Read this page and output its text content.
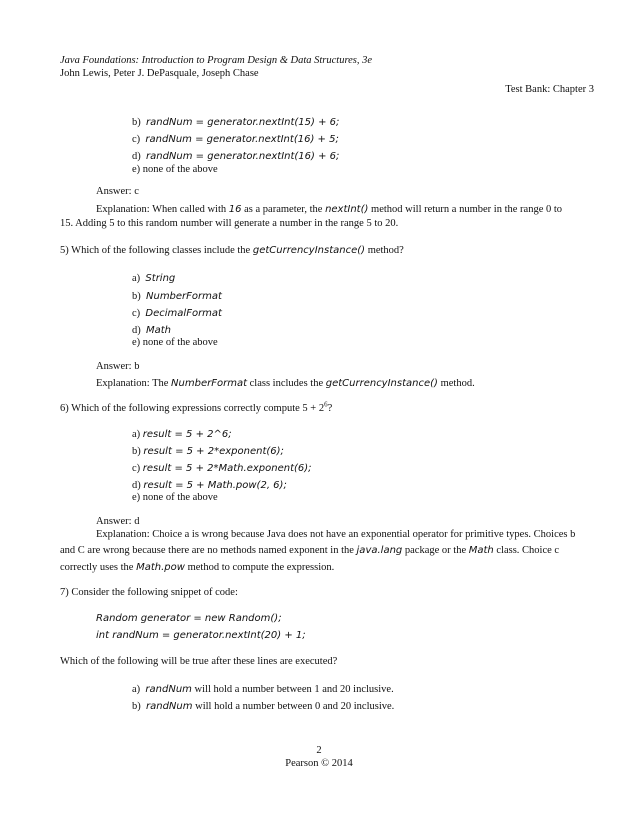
Java Foundations: Introduction to Program Design & Data Structures, 3e
John Lewis, Peter J. DePasquale, Joseph Chase
Test Bank: Chapter 3
b) randNum = generator.nextInt(15) + 6;
c) randNum = generator.nextInt(16) + 5;
d) randNum = generator.nextInt(16) + 6;
e) none of the above
Answer: c
Explanation: When called with 16 as a parameter, the nextInt() method will return a number in the range 0 to
15. Adding 5 to this random number will generate a number in the range 5 to 20.
5) Which of the following classes include the getCurrencyInstance() method?
a) String
b) NumberFormat
c) DecimalFormat
d) Math
e) none of the above
Answer: b
Explanation: The NumberFormat class includes the getCurrencyInstance() method.
6) Which of the following expressions correctly compute $5 + 2^6$?
a) result = 5 + 2^6;
b) result = 5 + 2*exponent(6);
c) result = 5 + 2*Math.exponent(6);
d) result = 5 + Math.pow(2, 6);
e) none of the above
Answer: d
Explanation: Choice a is wrong because Java does not have an exponential operator for primitive types. Choices b
and C are wrong because there are no methods named exponent in the java.lang package or the Math class. Choice c
correctly uses the Math.pow method to compute the expression.
7) Consider the following snippet of code:
Random generator = new Random();
int randNum = generator.nextInt(20) + 1;
Which of the following will be true after these lines are executed?
a) randNum will hold a number between 1 and 20 inclusive.
b) randNum will hold a number between 0 and 20 inclusive.
2
Pearson © 2014
